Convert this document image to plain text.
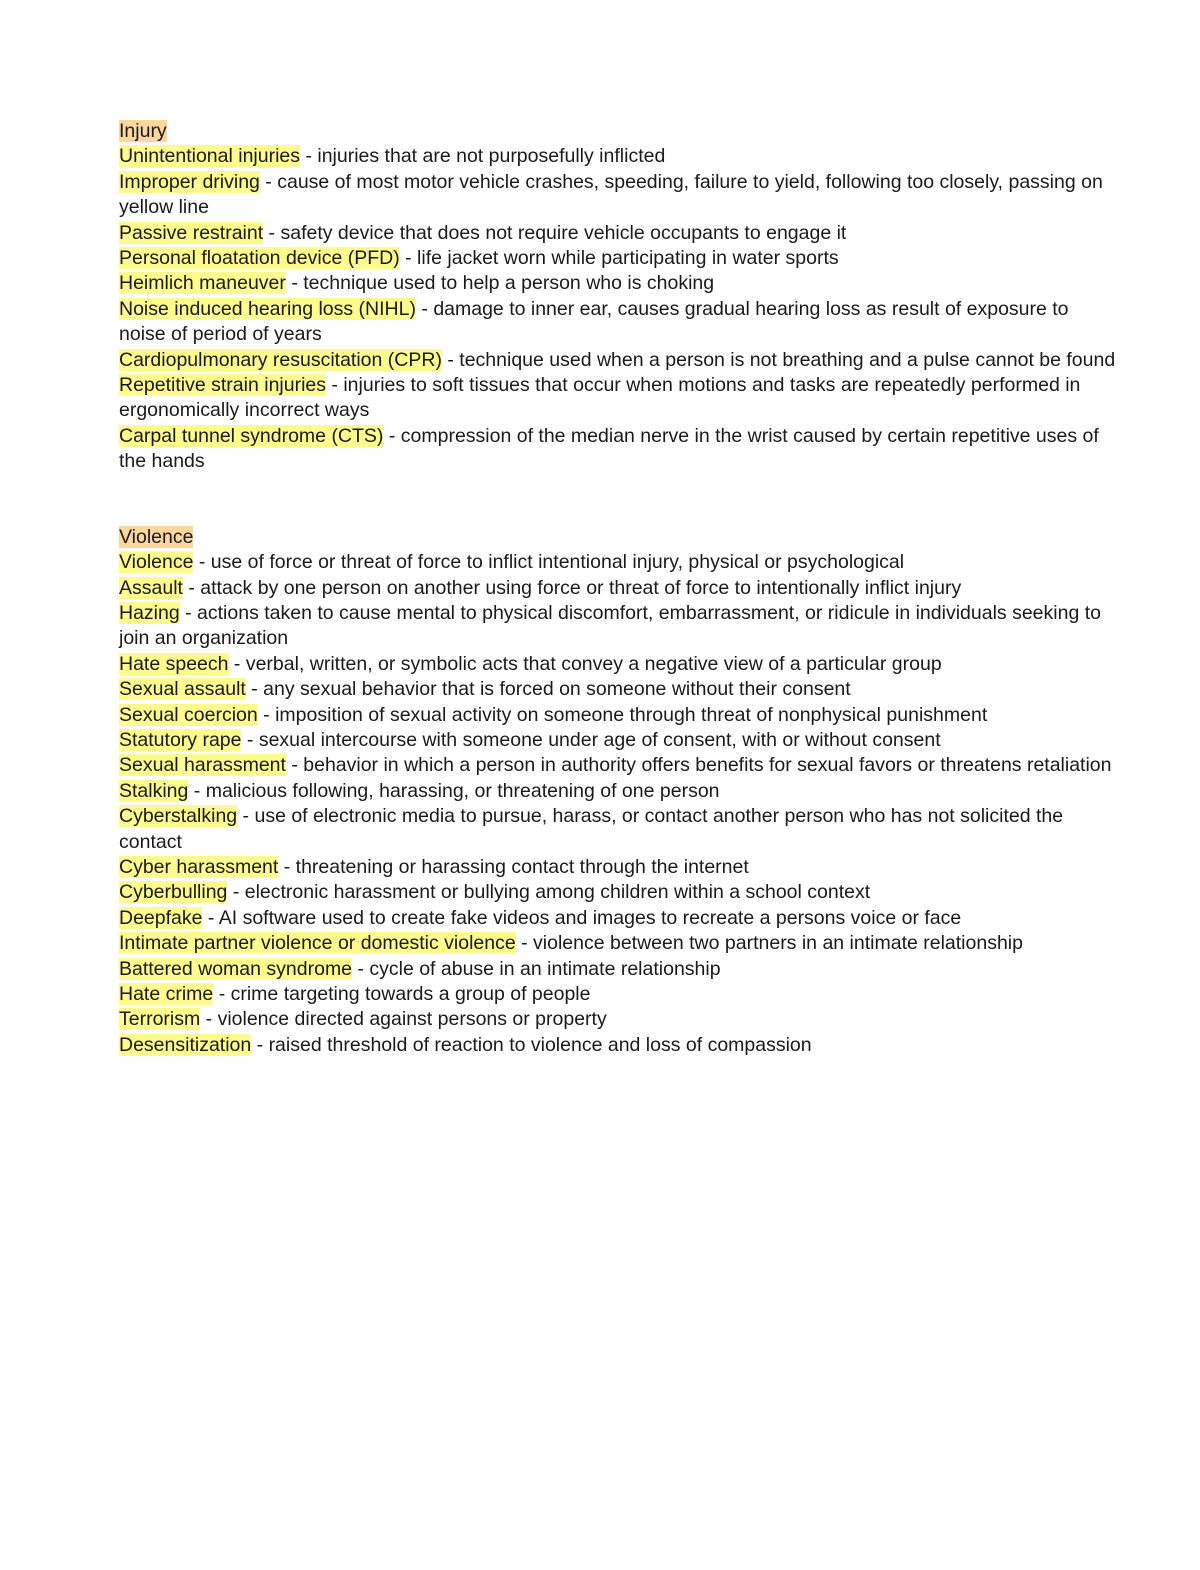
Injury

Unintentional injuries - injuries that are not purposefully inflicted

Improper driving - cause of most motor vehicle crashes, speeding, failure to yield, following too closely, passing on yellow line

Passive restraint - safety device that does not require vehicle occupants to engage it

Personal floatation device (PFD) - life jacket worn while participating in water sports

Heimlich maneuver - technique used to help a person who is choking

Noise induced hearing loss (NIHL) - damage to inner ear, causes gradual hearing loss as result of exposure to noise of period of years

Cardiopulmonary resuscitation (CPR) - technique used when a person is not breathing and a pulse cannot be found

Repetitive strain injuries - injuries to soft tissues that occur when motions and tasks are repeatedly performed in ergonomically incorrect ways

Carpal tunnel syndrome (CTS) - compression of the median nerve in the wrist caused by certain repetitive uses of the hands

Violence

Violence - use of force or threat of force to inflict intentional injury, physical or psychological

Assault - attack by one person on another using force or threat of force to intentionally inflict injury

Hazing - actions taken to cause mental to physical discomfort, embarrassment, or ridicule in individuals seeking to join an organization

Hate speech - verbal, written, or symbolic acts that convey a negative view of a particular group

Sexual assault - any sexual behavior that is forced on someone without their consent

Sexual coercion - imposition of sexual activity on someone through threat of nonphysical punishment

Statutory rape - sexual intercourse with someone under age of consent, with or without consent

Sexual harassment - behavior in which a person in authority offers benefits for sexual favors or threatens retaliation

Stalking - malicious following, harassing, or threatening of one person

Cyberstalking - use of electronic media to pursue, harass, or contact another person who has not solicited the contact

Cyber harassment - threatening or harassing contact through the internet

Cyberbulling - electronic harassment or bullying among children within a school context

Deepfake - AI software used to create fake videos and images to recreate a persons voice or face

Intimate partner violence or domestic violence - violence between two partners in an intimate relationship

Battered woman syndrome - cycle of abuse in an intimate relationship

Hate crime - crime targeting towards a group of people

Terrorism - violence directed against persons or property

Desensitization - raised threshold of reaction to violence and loss of compassion
